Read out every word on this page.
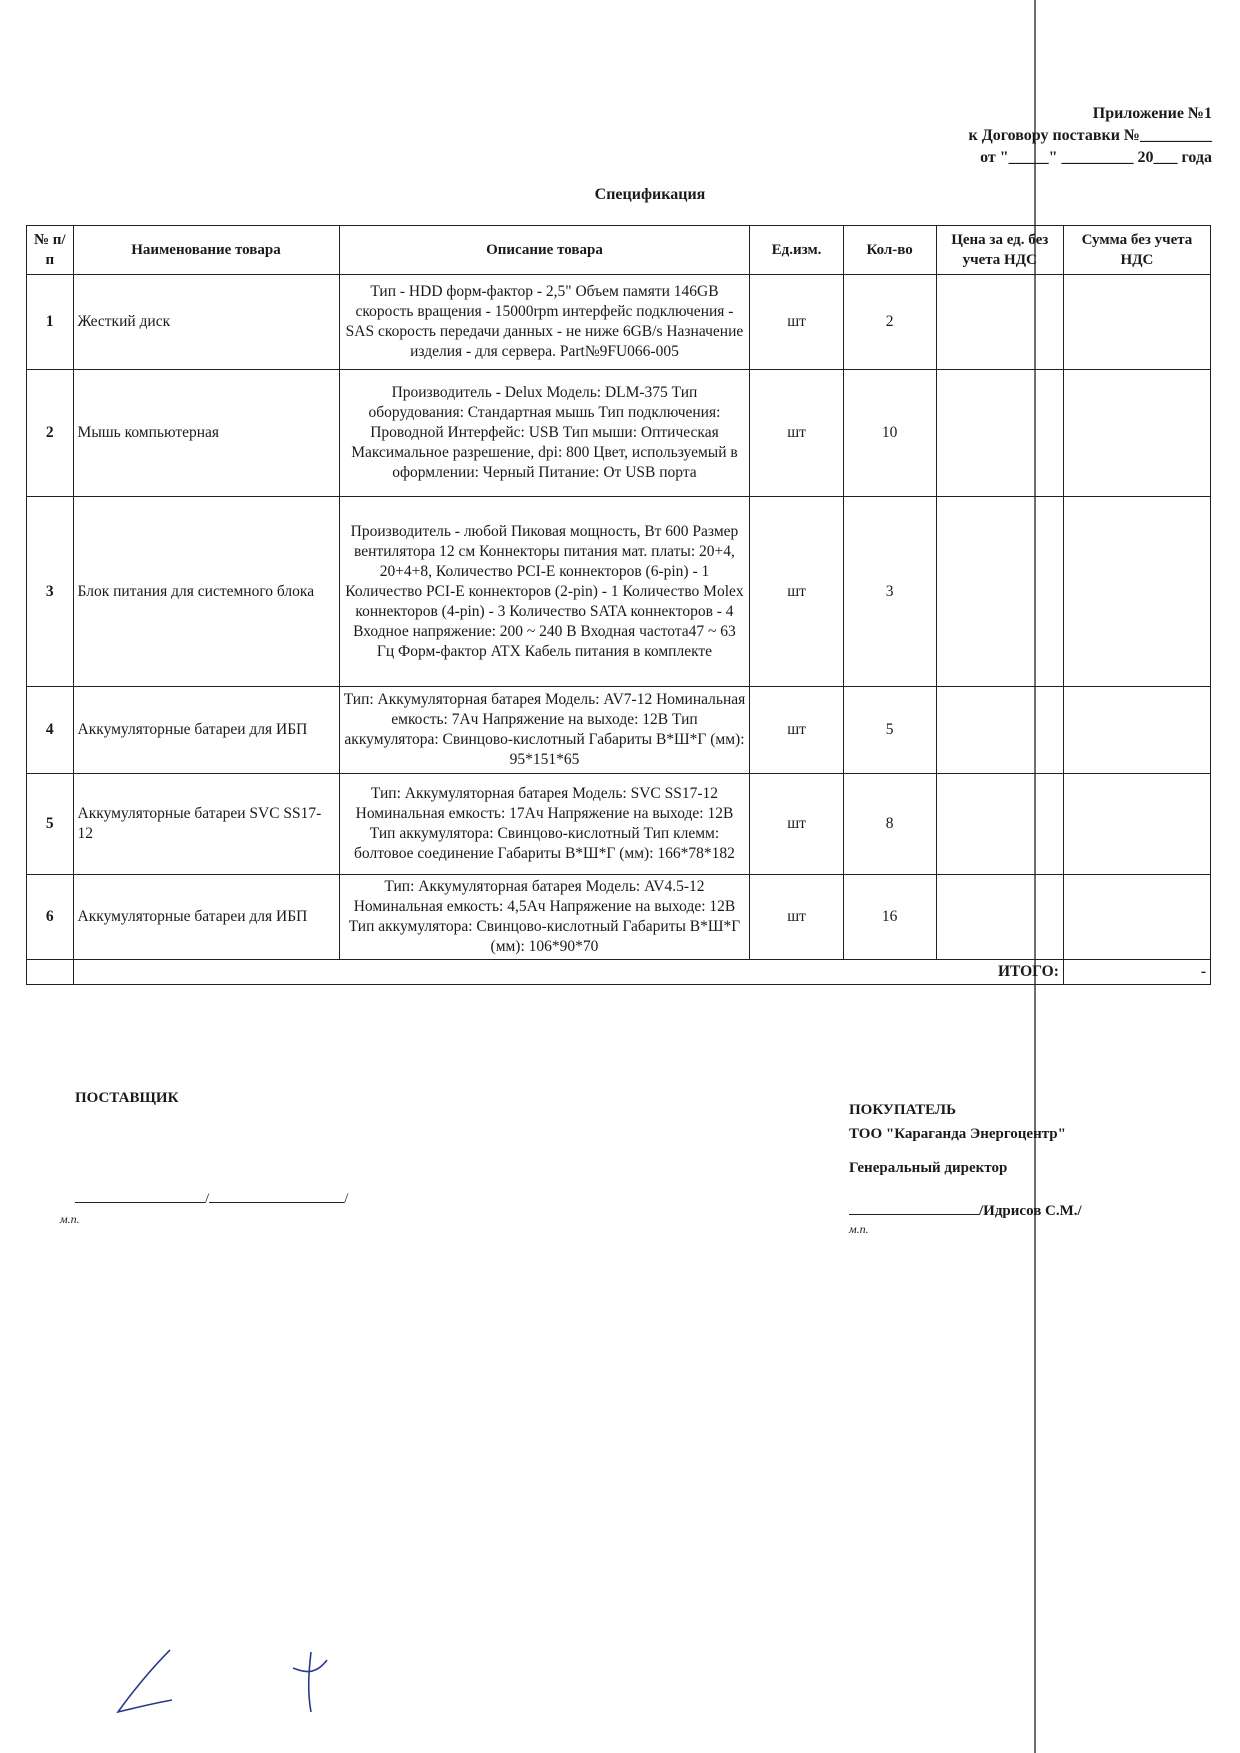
Приложение №1
к Договору поставки №_________
от "_____" _________ 20___ года
Спецификация
№ п/п	Наименование товара	Описание товара	Ед.изм.	Кол-во	Цена за ед. без учета НДС	Сумма без учета НДС
1	Жесткий диск	Тип - HDD форм-фактор - 2,5" Объем памяти 146GB скорость вращения - 15000rpm интерфейс подключения - SAS скорость передачи данных - не ниже 6GB/s Назначение изделия - для сервера. Part№9FU066-005	шт	2		
2	Мышь компьютерная	Производитель - Delux Модель: DLM-375 Тип оборудования: Стандартная мышь Тип подключения: Проводной Интерфейс: USB Тип мыши: Оптическая Максимальное разрешение, dpi: 800 Цвет, используемый в оформлении: Черный Питание: От USB порта	шт	10		
3	Блок питания для системного блока	Производитель - любой Пиковая мощность, Вт 600 Размер вентилятора 12 см Коннекторы питания мат. платы: 20+4, 20+4+8, Количество PCI-E коннекторов (6-pin) - 1 Количество PCI-E коннекторов (2-pin) - 1 Количество Molex коннекторов (4-pin) - 3 Количество SATA коннекторов - 4 Входное напряжение: 200 ~ 240 В Входная частота47 ~ 63 Гц Форм-фактор ATX Кабель питания в комплекте	шт	3		
4	Аккумуляторные батареи для ИБП	Тип: Аккумуляторная батарея Модель: AV7-12 Номинальная емкость: 7Ач Напряжение на выходе: 12В Тип аккумулятора: Свинцово-кислотный Габариты В*Ш*Г (мм): 95*151*65	шт	5		
5	Аккумуляторные батареи SVC SS17-12	Тип: Аккумуляторная батарея Модель: SVC SS17-12 Номинальная емкость: 17Ач Напряжение на выходе: 12В Тип аккумулятора: Свинцово-кислотный Тип клемм: болтовое соединение Габариты В*Ш*Г (мм): 166*78*182	шт	8		
6	Аккумуляторные батареи для ИБП	Тип: Аккумуляторная батарея Модель: AV4.5-12 Номинальная емкость: 4,5Ач Напряжение на выходе: 12В Тип аккумулятора: Свинцово-кислотный Габариты В*Ш*Г (мм): 106*90*70	шт	16		
	ИТОГО:					-
ПОСТАВЩИК
/	/
м.п.
ПОКУПАТЕЛЬ
ТОО "Караганда Энергоцентр"
Генеральный директор
/Идрисов С.М./
м.п.
